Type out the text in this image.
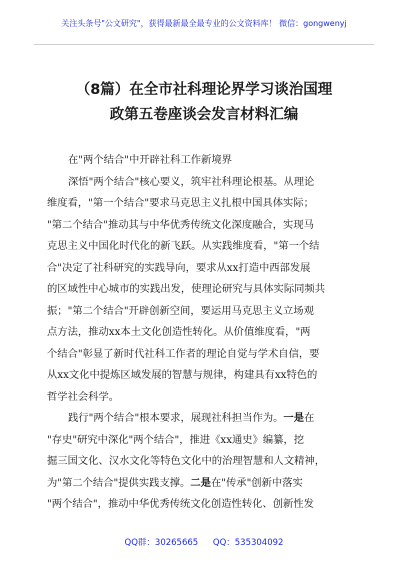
关注头条号"公文研究"，获得最新最全最专业的公文资料库！ 微信：gongwenyj
（8篇）在全市社科理论界学习谈治国理
政第五卷座谈会发言材料汇编
在"两个结合"中开辟社科工作新境界
深悟"两个结合"核心要义，筑牢社科理论根基。从理论
维度看，"第一个结合"要求马克思主义扎根中国具体实际；
"第二个结合"推动其与中华优秀传统文化深度融合，实现马
克思主义中国化时代化的新飞跃。从实践维度看，"第一个结
合"决定了社科研究的实践导向，要求从xx打造中西部发展
的区域性中心城市的实践出发，使理论研究与具体实际同频共
振；"第二个结合"开辟创新空间，要运用马克思主义立场观
点方法，推动xx本土文化创造性转化。从价值维度看，"两
个结合"彰显了新时代社科工作者的理论自觉与学术自信，要
从xx文化中提炼区域发展的智慧与规律，构建具有xx特色的
哲学社会科学。
践行"两个结合"根本要求，展现社科担当作为。一是在
"存史"研究中深化"两个结合"，推进《xx通史》编纂，挖
掘三国文化、汉水文化等特色文化中的治理智慧和人文精神，
为"第二个结合"提供实践支撑。二是在"传承"创新中落实
"两个结合"，推动中华优秀传统文化创造性转化、创新性发
QQ群：30265665 QQ：535304092
